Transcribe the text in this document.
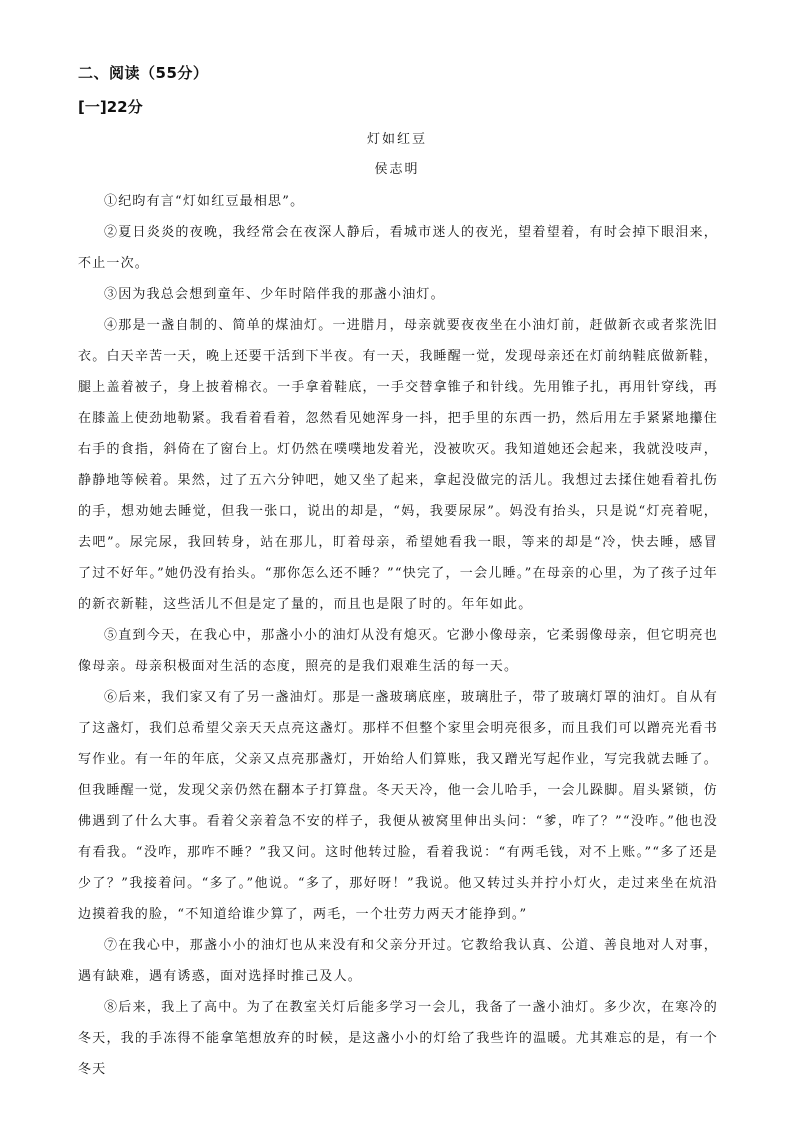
二、阅读（55分）
[一]22分
灯如红豆
侯志明

①纪昀有言“灯如红豆最相思”。

②夏日炎炎的夜晚，我经常会在夜深人静后，看城市迷人的夜光，望着望着，有时会掉下眼泪来，不止一次。

③因为我总会想到童年、少年时陪伴我的那盏小油灯。

④那是一盏自制的、简单的煤油灯。一进腊月，母亲就要夜夜坐在小油灯前，赶做新衣或者浆洗旧衣。白天辛苦一天，晚上还要干活到下半夜。有一天，我睡醒一觉，发现母亲还在灯前纳鞋底做新鞋，腿上盖着被子，身上披着棉衣。一手拿着鞋底，一手交替拿锥子和针线。先用锥子扎，再用针穿线，再在膝盖上使劲地勒紧。我看着看着，忽然看见她浑身一抖，把手里的东西一扔，然后用左手紧紧地攥住右手的食指，斜倚在了窗台上。灯仍然在噗噗地发着光，没被吹灭。我知道她还会起来，我就没吱声，静静地等候着。果然，过了五六分钟吧，她又坐了起来，拿起没做完的活儿。我想过去揉住她看着扎伤的手，想劝她去睡觉，但我一张口，说出的却是，“妈，我要尿尿”。妈没有抬头，只是说“灯亮着呢，去吧”。尿完尿，我回转身，站在那儿，盯着母亲，希望她看我一眼，等来的却是“冷，快去睡，感冒了过不好年。”她仍没有抬头。“那你怎么还不睡？”“快完了，一会儿睡。”在母亲的心里，为了孩子过年的新衣新鞋，这些活儿不但是定了量的，而且也是限了时的。年年如此。

⑤直到今天，在我心中，那盏小小的油灯从没有熄灭。它渺小像母亲，它柔弱像母亲，但它明亮也像母亲。母亲积极面对生活的态度，照亮的是我们艰难生活的每一天。

⑥后来，我们家又有了另一盏油灯。那是一盏玻璃底座，玻璃肚子，带了玻璃灯罩的油灯。自从有了这盏灯，我们总希望父亲天天点亮这盏灯。那样不但整个家里会明亮很多，而且我们可以蹭亮光看书写作业。有一年的年底，父亲又点亮那盏灯，开始给人们算账，我又蹭光写起作业，写完我就去睡了。但我睡醒一觉，发现父亲仍然在翻本子打算盘。冬天天冷，他一会儿哈手，一会儿跺脚。眉头紧锁，仿佛遇到了什么大事。看着父亲着急不安的样子，我便从被窝里伸出头问：“爹，咋了？”“没咋。”他也没有看我。“没咋，那咋不睡？”我又问。这时他转过脸，看着我说：“有两毛钱，对不上账。”“多了还是少了？”我接着问。“多了。”他说。“多了，那好呀！”我说。他又转过头并拧小灯火，走过来坐在炕沿边摸着我的脸，“不知道给谁少算了，两毛，一个壮劳力两天才能挣到。”

⑦在我心中，那盏小小的油灯也从来没有和父亲分开过。它教给我认真、公道、善良地对人对事，遇有缺难，遇有诱惑，面对选择时推己及人。

⑧后来，我上了高中。为了在教室关灯后能多学习一会儿，我备了一盏小油灯。多少次，在寒冷的冬天，我的手冻得不能拿笔想放弃的时候，是这盏小小的灯给了我些许的温暖。尤其难忘的是，有一个冬天
